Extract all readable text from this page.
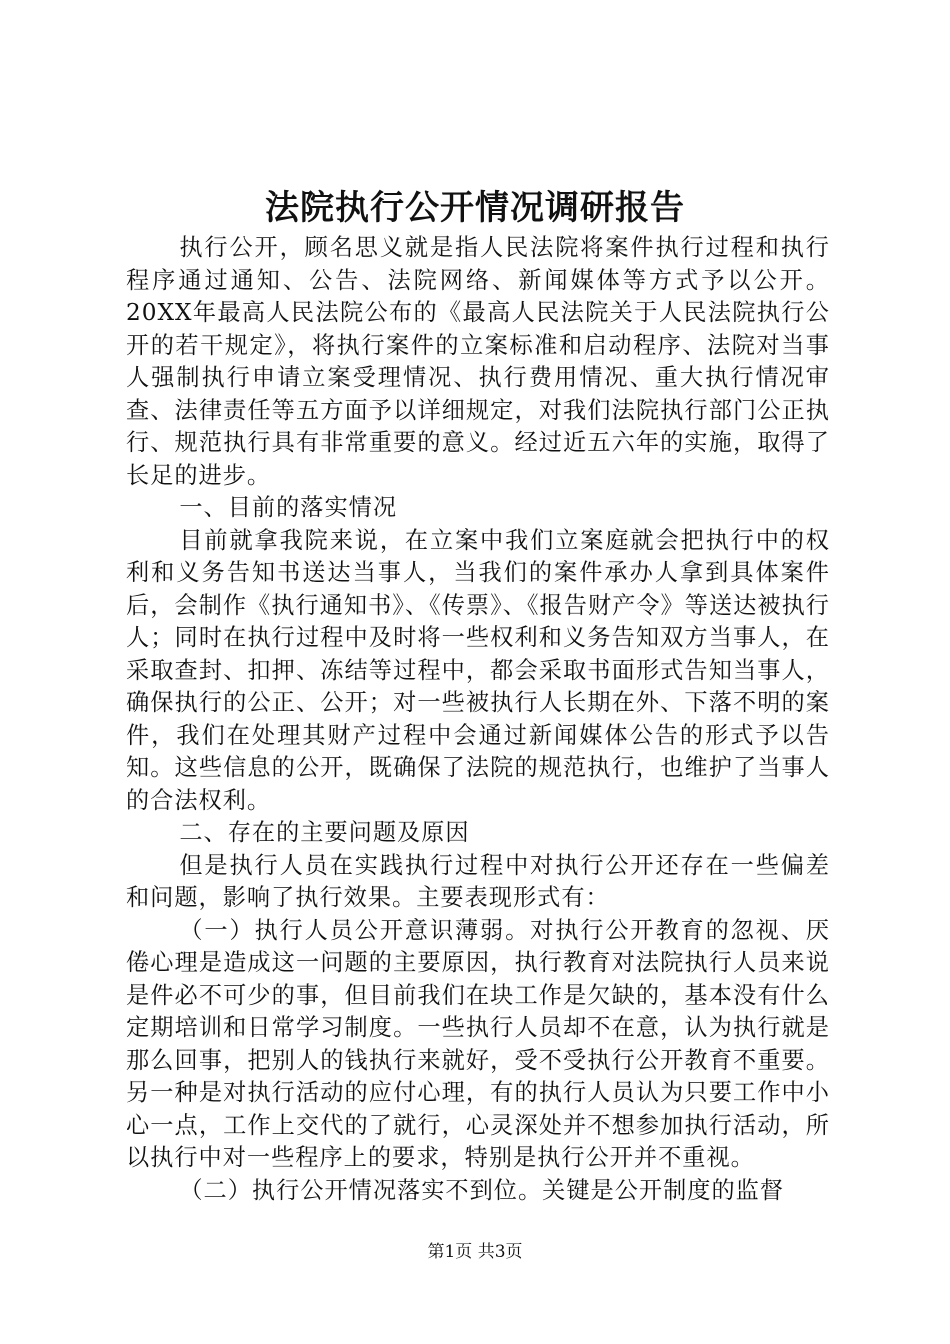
法院执行公开情况调研报告

执行公开，顾名思义就是指人民法院将案件执行过程和执行程序通过通知、公告、法院网络、新闻媒体等方式予以公开。20XX年最高人民法院公布的《最高人民法院关于人民法院执行公开的若干规定》，将执行案件的立案标准和启动程序、法院对当事人强制执行申请立案受理情况、执行费用情况、重大执行情况审查、法律责任等五方面予以详细规定，对我们法院执行部门公正执行、规范执行具有非常重要的意义。经过近五六年的实施，取得了长足的进步。

一、目前的落实情况

目前就拿我院来说，在立案中我们立案庭就会把执行中的权利和义务告知书送达当事人，当我们的案件承办人拿到具体案件后，会制作《执行通知书》、《传票》、《报告财产令》等送达被执行人；同时在执行过程中及时将一些权利和义务告知双方当事人，在采取查封、扣押、冻结等过程中，都会采取书面形式告知当事人，确保执行的公正、公开；对一些被执行人长期在外、下落不明的案件，我们在处理其财产过程中会通过新闻媒体公告的形式予以告知。这些信息的公开，既确保了法院的规范执行，也维护了当事人的合法权利。

二、存在的主要问题及原因

但是执行人员在实践执行过程中对执行公开还存在一些偏差和问题，影响了执行效果。主要表现形式有：

（一）执行人员公开意识薄弱。对执行公开教育的忽视、厌倦心理是造成这一问题的主要原因，执行教育对法院执行人员来说是件必不可少的事，但目前我们在块工作是欠缺的，基本没有什么定期培训和日常学习制度。一些执行人员却不在意，认为执行就是那么回事，把别人的钱执行来就好，受不受执行公开教育不重要。另一种是对执行活动的应付心理，有的执行人员认为只要工作中小心一点，工作上交代的了就行，心灵深处并不想参加执行活动，所以执行中对一些程序上的要求，特别是执行公开并不重视。

（二）执行公开情况落实不到位。关键是公开制度的监督

第1页 共3页
